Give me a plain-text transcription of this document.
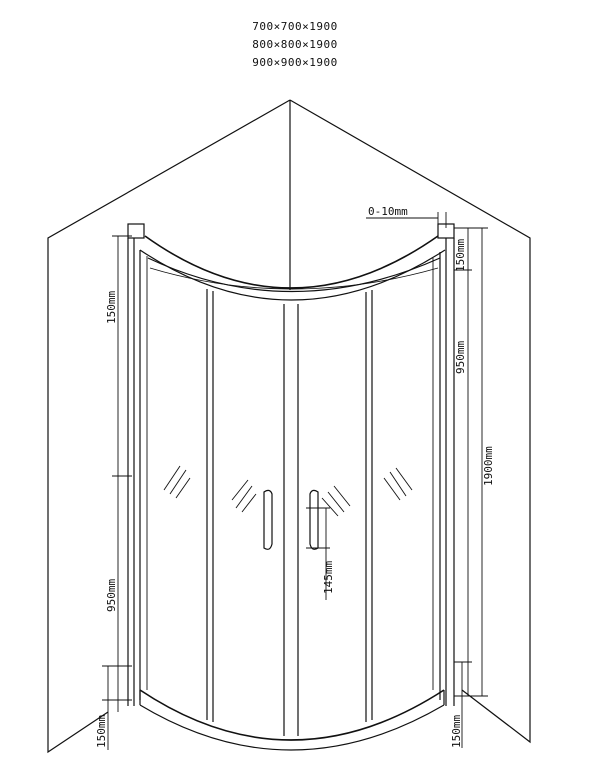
700×700×1900
800×800×1900
900×900×1900
150mm
950mm
150mm
0-10mm
150mm
950mm
1900mm
150mm
145mm
